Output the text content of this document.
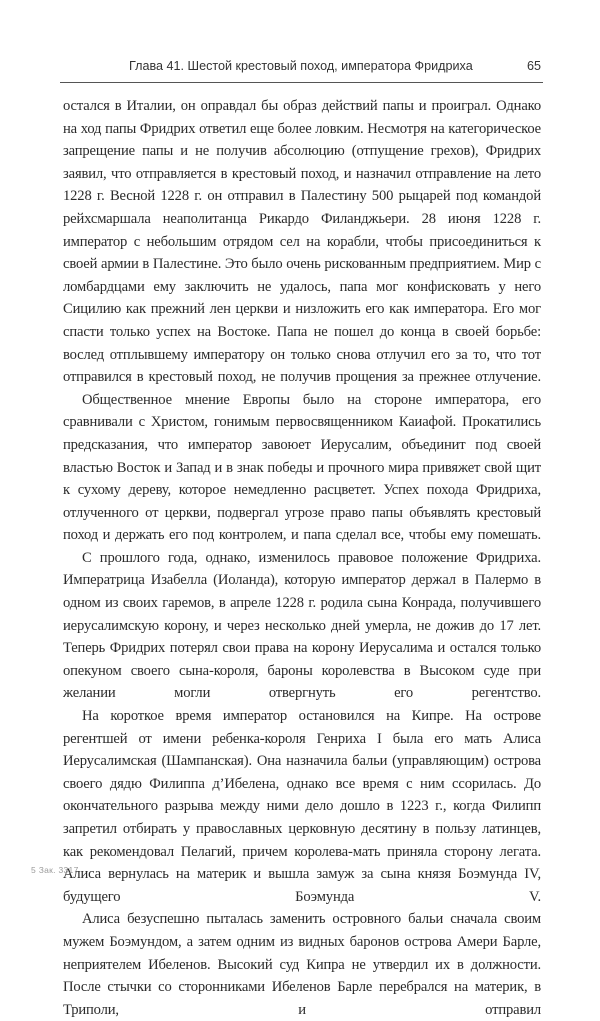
Глава 41. Шестой крестовый поход, императора Фридриха	65

остался в Италии, он оправдал бы образ действий папы и проиграл. Однако на ход папы Фридрих ответил еще более ловким. Несмотря на категорическое запрещение папы и не получив абсолюцию (отпущение грехов), Фридрих заявил, что отправляется в крестовый поход, и назначил отправление на лето 1228 г. Весной 1228 г. он отправил в Палестину 500 рыцарей под командой рейхсмаршала неаполитанца Рикардо Филанджьери. 28 июня 1228 г. император с небольшим отрядом сел на корабли, чтобы присоединиться к своей армии в Палестине. Это было очень рискованным предприятием. Мир с ломбардцами ему заключить не удалось, папа мог конфисковать у него Сицилию как прежний лен церкви и низложить его как императора. Его мог спасти только успех на Востоке. Папа не пошел до конца в своей борьбе: вослед отплывшему императору он только снова отлучил его за то, что тот отправился в крестовый поход, не получив прощения за прежнее отлучение.

Общественное мнение Европы было на стороне императора, его сравнивали с Христом, гонимым первосвященником Каиафой. Прокатились предсказания, что император завоюет Иерусалим, объединит под своей властью Восток и Запад и в знак победы и прочного мира привяжет свой щит к сухому дереву, которое немедленно расцветет. Успех похода Фридриха, отлученного от церкви, подвергал угрозе право папы объявлять крестовый поход и держать его под контролем, и папа сделал все, чтобы ему помешать.

С прошлого года, однако, изменилось правовое положение Фридриха. Императрица Изабелла (Иоланда), которую император держал в Палермо в одном из своих гаремов, в апреле 1228 г. родила сына Конрада, получившего иерусалимскую корону, и через несколько дней умерла, не дожив до 17 лет. Теперь Фридрих потерял свои права на корону Иерусалима и остался только опекуном своего сына-короля, бароны королевства в Высоком суде при желании могли отвергнуть его регентство.

На короткое время император остановился на Кипре. На острове регентшей от имени ребенка-короля Генриха I была его мать Алиса Иерусалимская (Шампанская). Она назначила бальи (управляющим) острова своего дядю Филиппа д’Ибелена, однако все время с ним ссорилась. До окончательного разрыва между ними дело дошло в 1223 г., когда Филипп запретил отбирать у православных церковную десятину в пользу латинцев, как рекомендовал Пелагий, причем королева-мать приняла сторону легата. Алиса вернулась на материк и вышла замуж за сына князя Боэмунда IV, будущего Боэмунда V.

Алиса безуспешно пыталась заменить островного бальи сначала своим мужем Боэмундом, а затем одним из видных баронов острова Амери Барле, неприятелем Ибеленов. Высокий суд Кипра не утвердил их в должности. После стычки со сторонниками Ибеленов Барле перебрался на материк, в Триполи, и отправил

5 Зак. 3317
